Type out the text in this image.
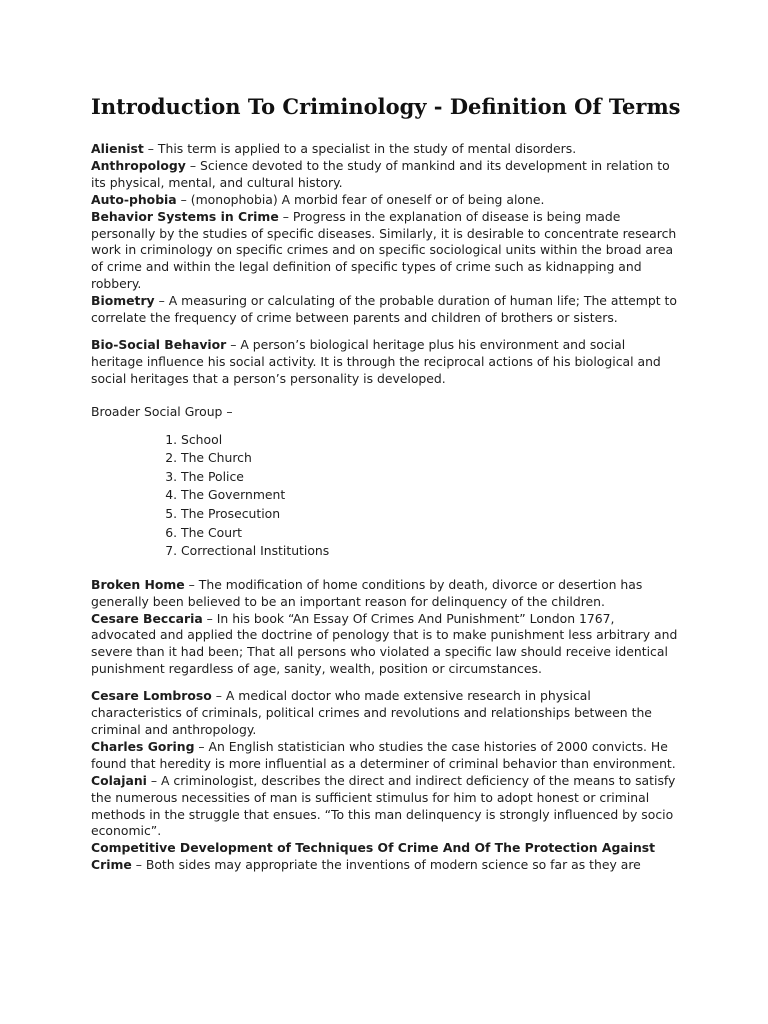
Introduction To Criminology - Definition Of Terms

Alienist – This term is applied to a specialist in the study of mental disorders.

Anthropology – Science devoted to the study of mankind and its development in relation to its physical, mental, and cultural history.

Auto-phobia – (monophobia) A morbid fear of oneself or of being alone.

Behavior Systems in Crime – Progress in the explanation of disease is being made personally by the studies of specific diseases. Similarly, it is desirable to concentrate research work in criminology on specific crimes and on specific sociological units within the broad area of crime and within the legal definition of specific types of crime such as kidnapping and robbery.

Biometry – A measuring or calculating of the probable duration of human life; The attempt to correlate the frequency of crime between parents and children of brothers or sisters.

Bio-Social Behavior – A person’s biological heritage plus his environment and social heritage influence his social activity. It is through the reciprocal actions of his biological and social heritages that a person’s personality is developed.

Broader Social Group –

1. School
2. The Church
3. The Police
4. The Government
5. The Prosecution
6. The Court
7. Correctional Institutions

Broken Home – The modification of home conditions by death, divorce or desertion has generally been believed to be an important reason for delinquency of the children.

Cesare Beccaria – In his book “An Essay Of Crimes And Punishment” London 1767, advocated and applied the doctrine of penology that is to make punishment less arbitrary and severe than it had been; That all persons who violated a specific law should receive identical punishment regardless of age, sanity, wealth, position or circumstances.

Cesare Lombroso – A medical doctor who made extensive research in physical characteristics of criminals, political crimes and revolutions and relationships between the criminal and anthropology.

Charles Goring – An English statistician who studies the case histories of 2000 convicts. He found that heredity is more influential as a determiner of criminal behavior than environment.

Colajani – A criminologist, describes the direct and indirect deficiency of the means to satisfy the numerous necessities of man is sufficient stimulus for him to adopt honest or criminal methods in the struggle that ensues. “To this man delinquency is strongly influenced by socio economic”.

Competitive Development of Techniques Of Crime And Of The Protection Against Crime – Both sides may appropriate the inventions of modern science so far as they are
